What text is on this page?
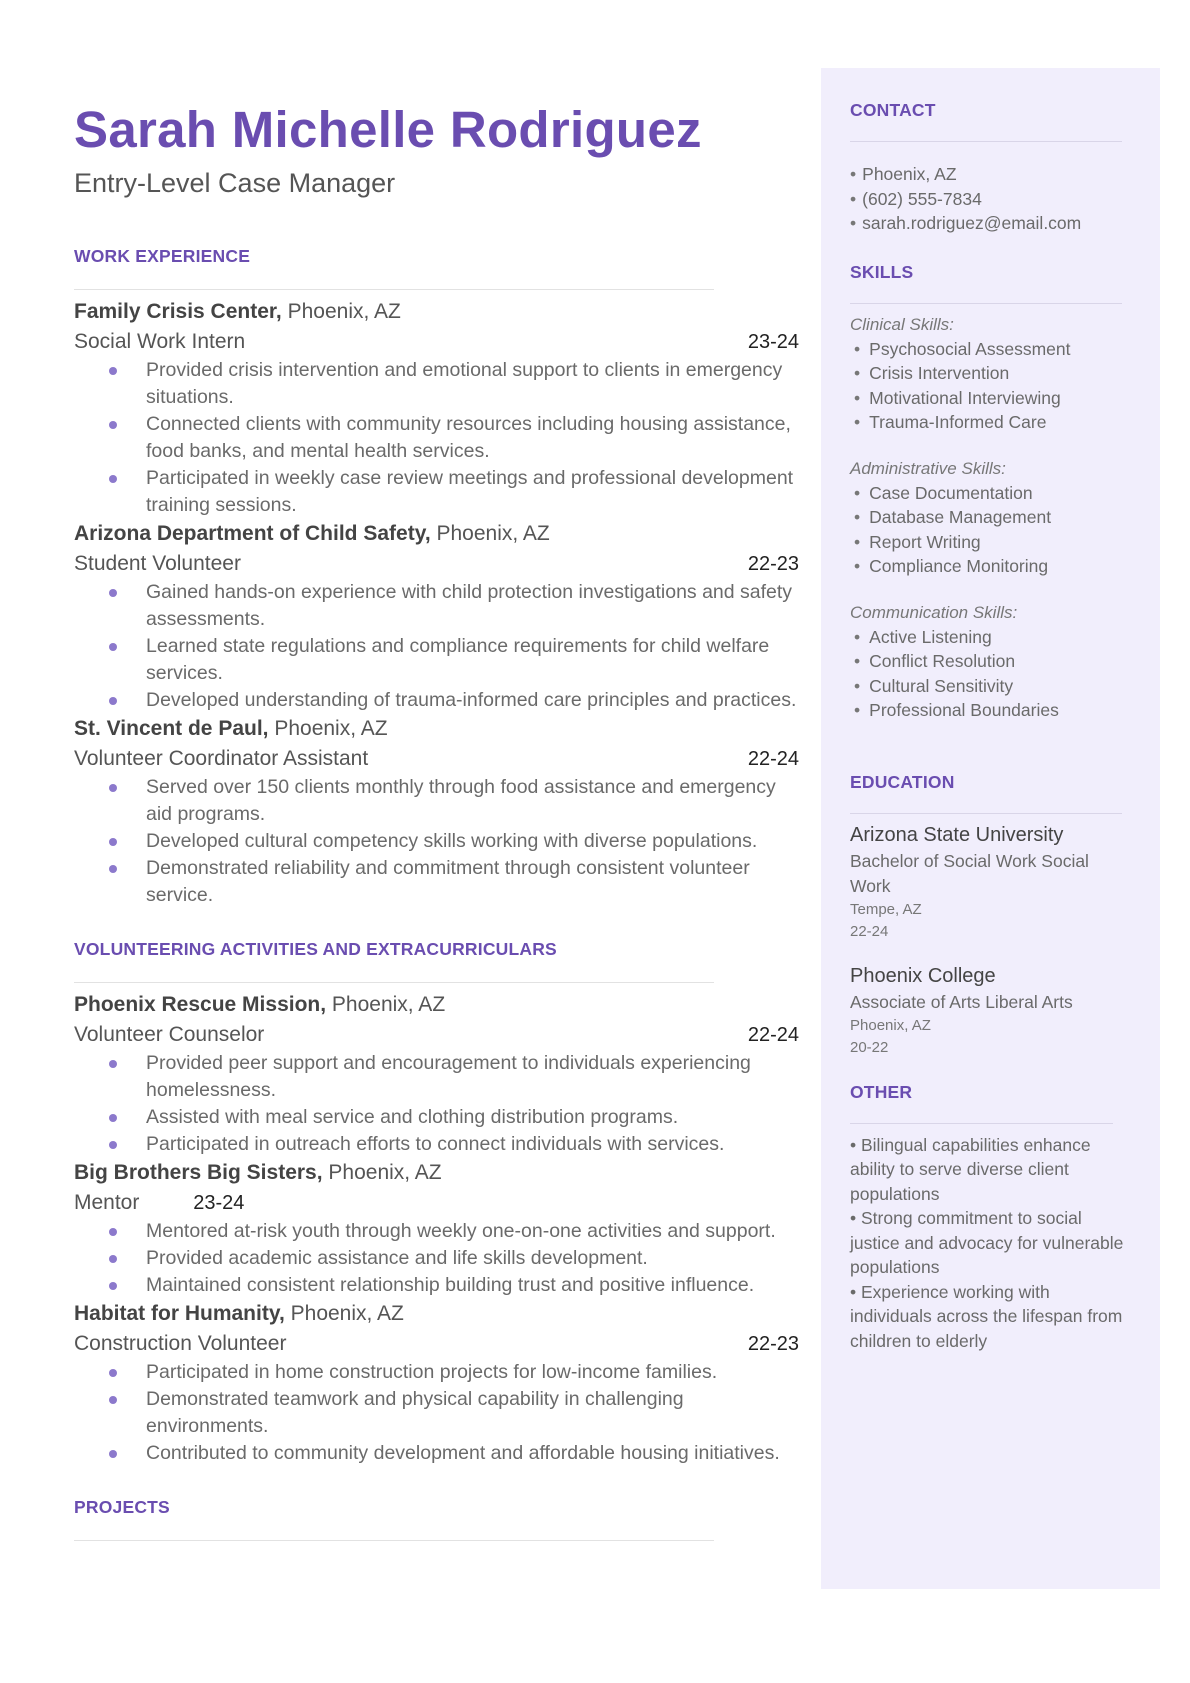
Sarah Michelle Rodriguez
Entry-Level Case Manager
WORK EXPERIENCE
Family Crisis Center, Phoenix, AZ
Social Work Intern	23-24
Provided crisis intervention and emotional support to clients in emergency situations.
Connected clients with community resources including housing assistance, food banks, and mental health services.
Participated in weekly case review meetings and professional development training sessions.
Arizona Department of Child Safety, Phoenix, AZ
Student Volunteer	22-23
Gained hands-on experience with child protection investigations and safety assessments.
Learned state regulations and compliance requirements for child welfare services.
Developed understanding of trauma-informed care principles and practices.
St. Vincent de Paul, Phoenix, AZ
Volunteer Coordinator Assistant	22-24
Served over 150 clients monthly through food assistance and emergency aid programs.
Developed cultural competency skills working with diverse populations.
Demonstrated reliability and commitment through consistent volunteer service.
VOLUNTEERING ACTIVITIES AND EXTRACURRICULARS
Phoenix Rescue Mission, Phoenix, AZ
Volunteer Counselor	22-24
Provided peer support and encouragement to individuals experiencing homelessness.
Assisted with meal service and clothing distribution programs.
Participated in outreach efforts to connect individuals with services.
Big Brothers Big Sisters, Phoenix, AZ
Mentor	23-24
Mentored at-risk youth through weekly one-on-one activities and support.
Provided academic assistance and life skills development.
Maintained consistent relationship building trust and positive influence.
Habitat for Humanity, Phoenix, AZ
Construction Volunteer	22-23
Participated in home construction projects for low-income families.
Demonstrated teamwork and physical capability in challenging environments.
Contributed to community development and affordable housing initiatives.
PROJECTS
CONTACT
• Phoenix, AZ
• (602) 555-7834
• sarah.rodriguez@email.com
SKILLS
Clinical Skills:
• Psychosocial Assessment
• Crisis Intervention
• Motivational Interviewing
• Trauma-Informed Care
Administrative Skills:
• Case Documentation
• Database Management
• Report Writing
• Compliance Monitoring
Communication Skills:
• Active Listening
• Conflict Resolution
• Cultural Sensitivity
• Professional Boundaries
EDUCATION
Arizona State University
Bachelor of Social Work Social
Work
Tempe, AZ
22-24
Phoenix College
Associate of Arts Liberal Arts
Phoenix, AZ
20-22
OTHER
• Bilingual capabilities enhance ability to serve diverse client populations
• Strong commitment to social justice and advocacy for vulnerable populations
• Experience working with individuals across the lifespan from children to elderly
